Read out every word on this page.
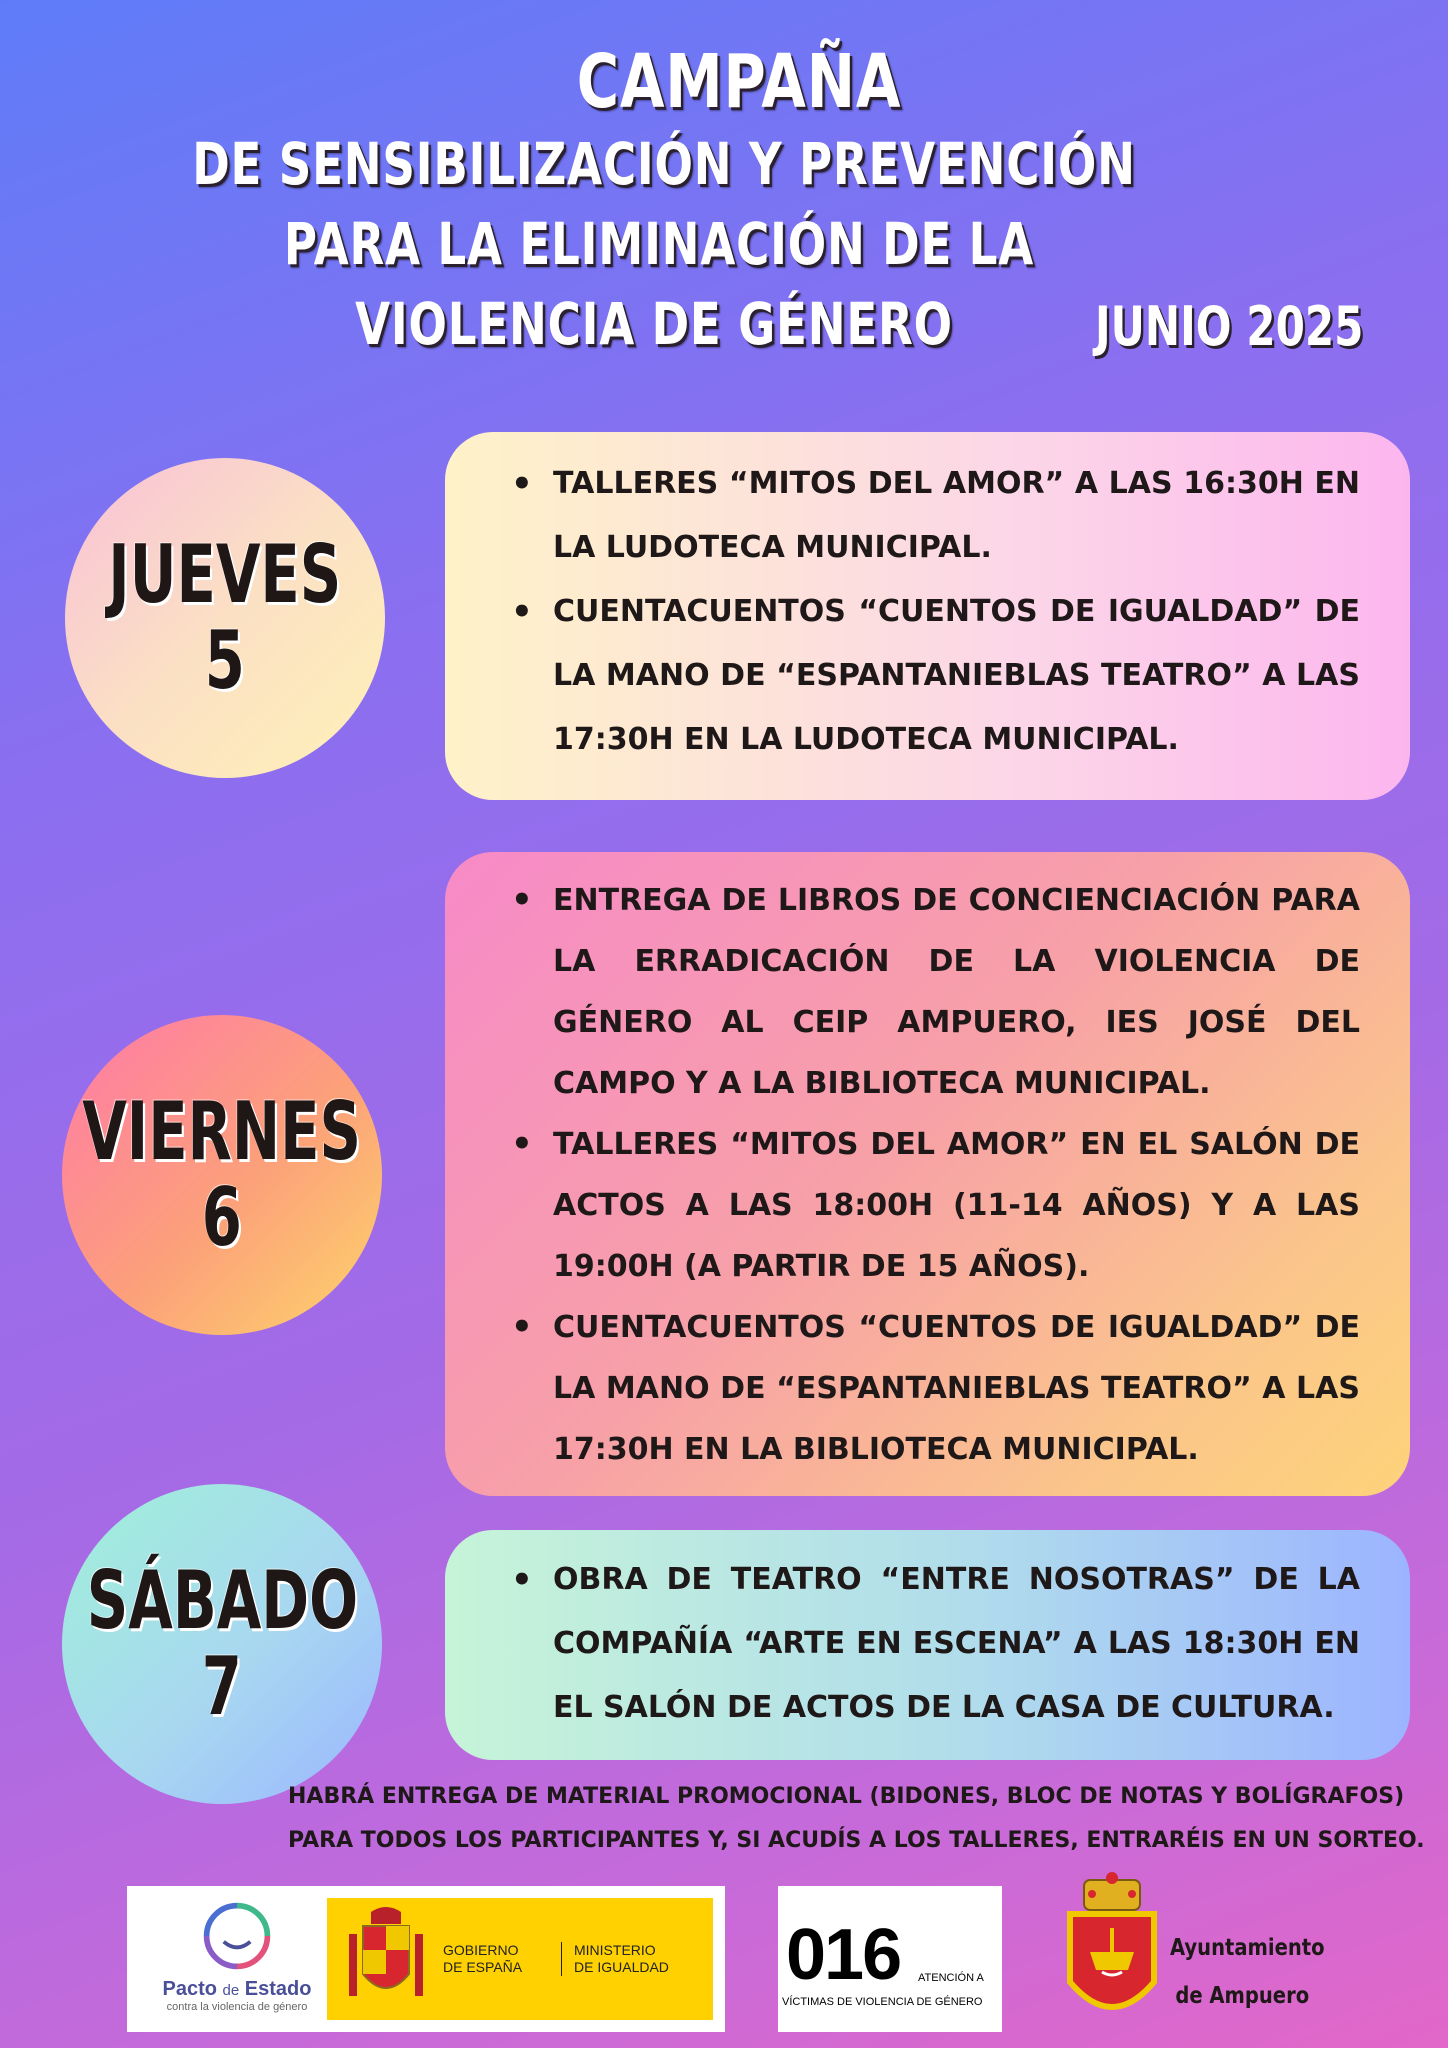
CAMPAÑA
DE SENSIBILIZACIÓN Y PREVENCIÓN
PARA LA ELIMINACIÓN DE LA
VIOLENCIA DE GÉNERO	JUNIO 2025
JUEVES
5
• TALLERES “MITOS DEL AMOR” A LAS 16:30H EN LA LUDOTECA MUNICIPAL.
• CUENTACUENTOS “CUENTOS DE IGUALDAD” DE LA MANO DE “ESPANTANIEBLAS TEATRO” A LAS 17:30H EN LA LUDOTECA MUNICIPAL.
VIERNES
6
• ENTREGA DE LIBROS DE CONCIENCIACIÓN PARA LA ERRADICACIÓN DE LA VIOLENCIA DE GÉNERO AL CEIP AMPUERO, IES JOSÉ DEL CAMPO Y A LA BIBLIOTECA MUNICIPAL.
• TALLERES “MITOS DEL AMOR” EN EL SALÓN DE ACTOS A LAS 18:00H (11-14 AÑOS) Y A LAS 19:00H (A PARTIR DE 15 AÑOS).
• CUENTACUENTOS “CUENTOS DE IGUALDAD” DE LA MANO DE “ESPANTANIEBLAS TEATRO” A LAS 17:30H EN LA BIBLIOTECA MUNICIPAL.
SÁBADO
7
• OBRA DE TEATRO “ENTRE NOSOTRAS” DE LA COMPAÑÍA “ARTE EN ESCENA” A LAS 18:30H EN EL SALÓN DE ACTOS DE LA CASA DE CULTURA.
HABRÁ ENTREGA DE MATERIAL PROMOCIONAL (BIDONES, BLOC DE NOTAS Y BOLÍGRAFOS)
PARA TODOS LOS PARTICIPANTES Y, SI ACUDÍS A LOS TALLERES, ENTRARÉIS EN UN SORTEO.
Pacto de Estado
contra la violencia de género
GOBIERNO
DE ESPAÑA
MINISTERIO
DE IGUALDAD 016 ATENCIÓN A
VÍCTIMAS DE VIOLENCIA DE GÉNERO
Ayuntamiento
de Ampuero
